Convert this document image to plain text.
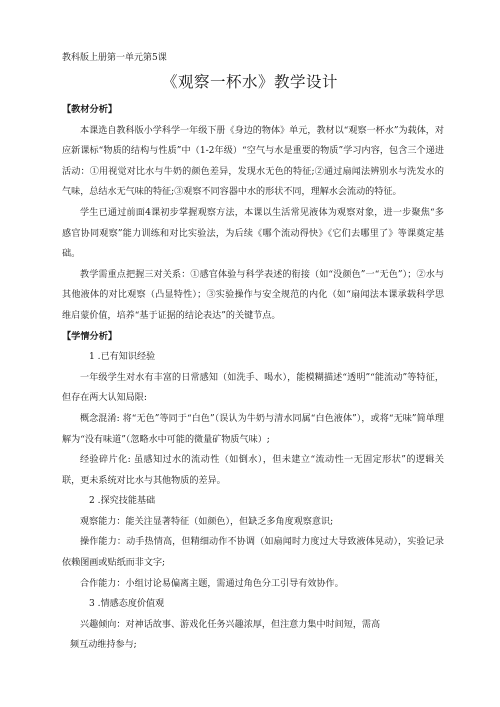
教科版上册第一单元第5课
《观察一杯水》教学设计

【教材分析】

本课选自教科版小学科学一年级下册《身边的物体》单元，教材以“观察一杯水”为载体，对应新课标“物质的结构与性质”中（1-2年级）“空气与水是重要的物质”学习内容，包含三个递进活动：①用视觉对比水与牛奶的颜色差异，发现水无色的特征;②通过扇闻法辨别水与洗发水的气味，总结水无气味的特征;③观察不同容器中水的形状不同，理解水会流动的特征。

学生已通过前面4课初步掌握观察方法，本课以生活常见液体为观察对象，进一步聚焦“多感官协同观察”能力训练和对比实验法，为后续《哪个流动得快》《它们去哪里了》等课奠定基础。

教学需重点把握三对关系：①感官体验与科学表述的衔接（如“没颜色”一“无色”）；②水与其他液体的对比观察（凸显特性）；③实验操作与安全规范的内化（如“扇闻法本课承载科学思维启蒙价值，培养“基于证据的结论表达”的关键节点。

【学情分析】

1 .已有知识经验

一年级学生对水有丰富的日常感知（如洗手、喝水），能模糊描述“透明”“能流动”等特征，但存在两大认知局限:

概念混淆: 将“无色”等同于“白色”（误认为牛奶与清水同属“白色液体”），或将“无味”简单理解为“没有味道”（忽略水中可能的微量矿物质气味）;

经验碎片化: 虽感知过水的流动性（如倒水），但未建立“流动性一无固定形状”的逻辑关联，更未系统对比水与其他物质的差异。

2 .探究技能基础

观察能力：能关注显著特征（如颜色），但缺乏多角度观察意识;

操作能力：动手热情高，但精细动作不协调（如扇闻时力度过大导致液体晃动），实验记录依赖图画或贴纸而非文字;

合作能力：小组讨论易偏离主题，需通过角色分工引导有效协作。

3 .情感态度价值观

兴趣倾向：对神话故事、游戏化任务兴趣浓厚，但注意力集中时间短，需高

频互动维持参与;
